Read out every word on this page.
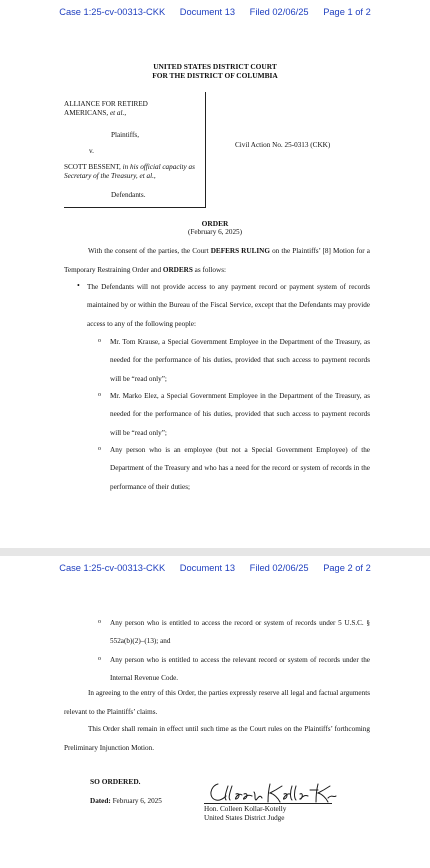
Case 1:25-cv-00313-CKK Document 13 Filed 02/06/25 Page 1 of 2
UNITED STATES DISTRICT COURT
FOR THE DISTRICT OF COLUMBIA
ALLIANCE FOR RETIRED
AMERICANS, et al.,
Plaintiffs,
v.
SCOTT BESSENT, in his official capacity as Secretary of the Treasury, et al.,
Defendants.
Civil Action No. 25-0313 (CKK)
ORDER
(February 6, 2025)
With the consent of the parties, the Court DEFERS RULING on the Plaintiffs’ [8] Motion for a Temporary Restraining Order and ORDERS as follows:
• The Defendants will not provide access to any payment record or payment system of records maintained by or within the Bureau of the Fiscal Service, except that the Defendants may provide access to any of the following people:
o Mr. Tom Krause, a Special Government Employee in the Department of the Treasury, as needed for the performance of his duties, provided that such access to payment records will be “read only”;
o Mr. Marko Elez, a Special Government Employee in the Department of the Treasury, as needed for the performance of his duties, provided that such access to payment records will be “read only”;
o Any person who is an employee (but not a Special Government Employee) of the Department of the Treasury and who has a need for the record or system of records in the performance of their duties;
Case 1:25-cv-00313-CKK Document 13 Filed 02/06/25 Page 2 of 2
o Any person who is entitled to access the record or system of records under 5 U.S.C. § 552a(b)(2)–(13); and
o Any person who is entitled to access the relevant record or system of records under the Internal Revenue Code.
In agreeing to the entry of this Order, the parties expressly reserve all legal and factual arguments relevant to the Plaintiffs’ claims.
This Order shall remain in effect until such time as the Court rules on the Plaintiffs’ forthcoming Preliminary Injunction Motion.
SO ORDERED.
Dated: February 6, 2025
Hon. Colleen Kollar-Kotelly
United States District Judge
